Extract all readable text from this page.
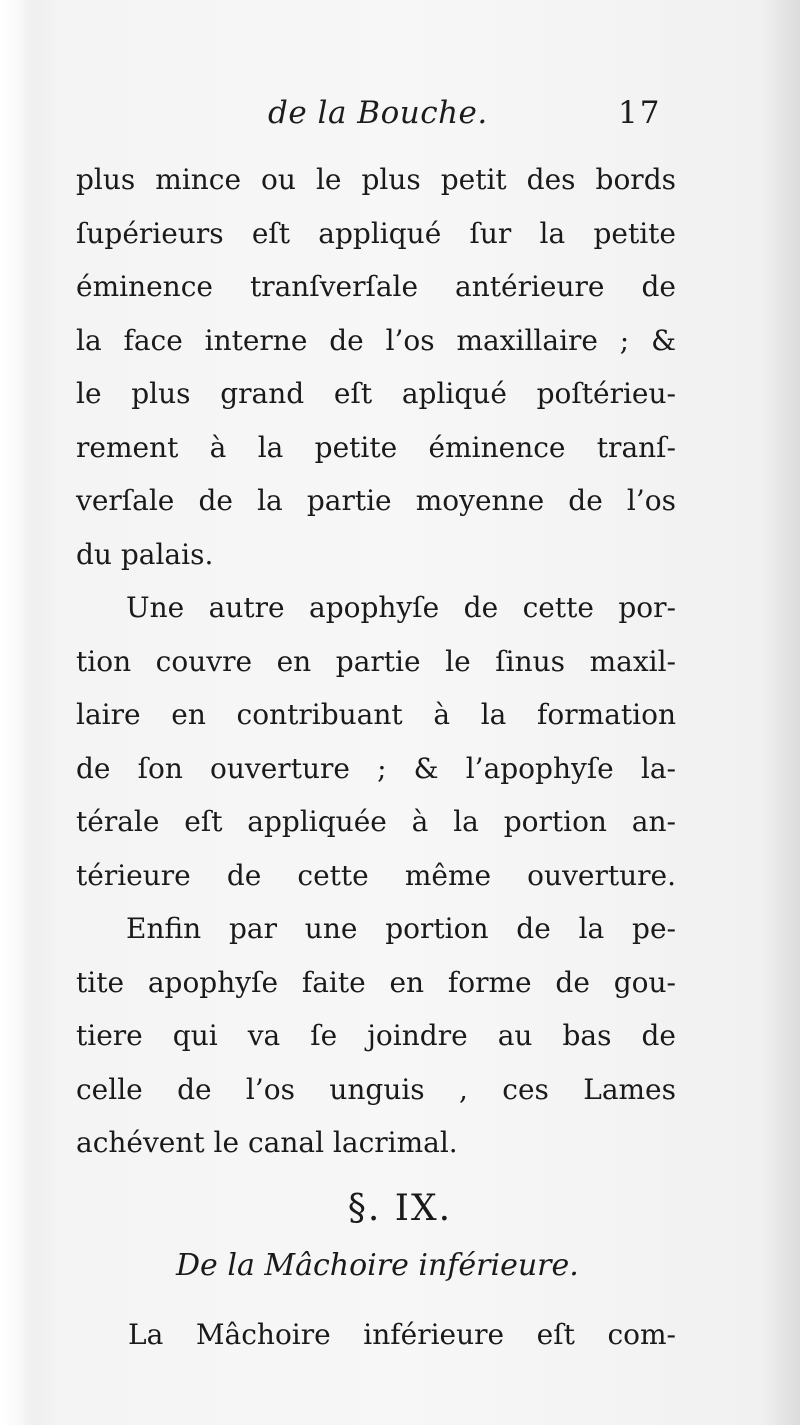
de la Bouche.	17
plus mince ou le plus petit des bords
ſupérieurs eſt appliqué ſur la petite
éminence tranſverſale antérieure de
la face interne de l’os maxillaire ; &
le plus grand eſt apliqué poſtérieu-
rement à la petite éminence tranſ-
verſale de la partie moyenne de l’os
du palais.
Une autre apophyſe de cette por-
tion couvre en partie le ſinus maxil-
laire en contribuant à la formation
de ſon ouverture ; & l’apophyſe la-
térale eſt appliquée à la portion an-
térieure de cette même ouverture.
Enfin par une portion de la pe-
tite apophyſe faite en forme de gou-
tiere qui va ſe joindre au bas de
celle de l’os unguis , ces Lames
achévent le canal lacrimal.
§. IX.
De la Mâchoire inférieure.
La Mâchoire inférieure eſt com-
